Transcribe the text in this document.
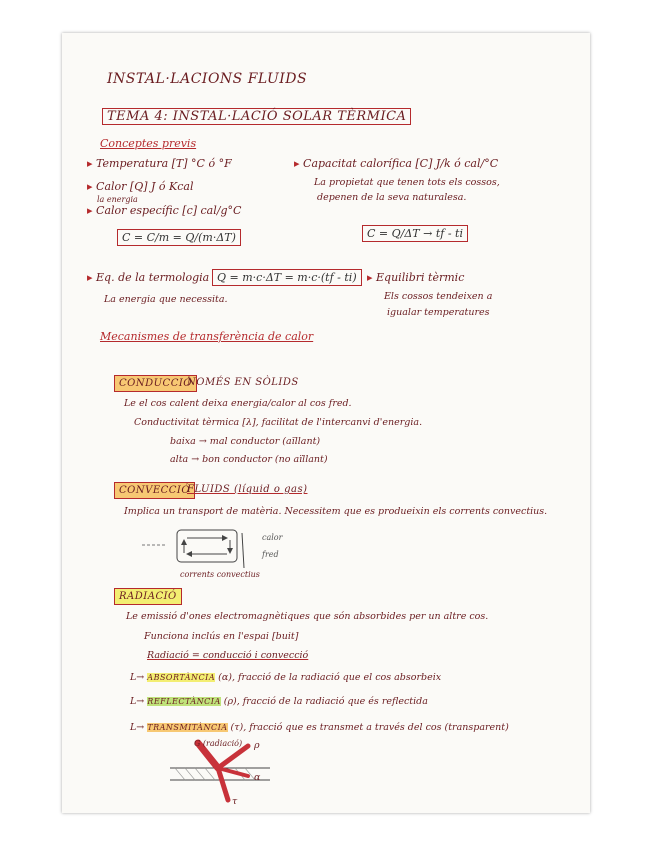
INSTAL·LACIONS FLUIDS
TEMA 4: INSTAL·LACIÓ SOLAR TÈRMICA
Conceptes previs
▸ Temperatura [T] °C ó °F
▸ Calor [Q] J ó Kcal
la energia
▸ Calor específic [c] cal/g°C
C = C/m = Q/(m·ΔT)
▸ Capacitat calorífica [C] J/k ó cal/°C
La propietat que tenen tots els cossos,
depenen de la seva naturalesa.
C = Q/ΔT → tf - ti
▸ Eq. de la termologia Q = m·c·ΔT = m·c·(tf - ti)
La energia que necessita.
▸ Equilibri tèrmic
Els cossos tendeixen a
igualar temperatures
Mecanismes de transferència de calor
CONDUCCIÓ
NOMÉS EN SÒLIDS
Le el cos calent deixa energia/calor al cos fred.
Conductivitat tèrmica [λ], facilitat de l'intercanvi d'energia.
baixa → mal conductor (aïllant)
alta → bon conductor (no aïllant)
CONVECCIÓ
FLUIDS (líquid o gas)
Implica un transport de matèria. Necessitem que es produeixin els corrents convectius.
calor
fred
corrents convectius
RADIACIÓ
Le emissió d'ones electromagnètiques que són absorbides per un altre cos.
Funciona inclús en l'espai [buit]
Radiació = conducció i convecció
L→ ABSORTÀNCIA (α), fracció de la radiació que el cos absorbeix
L→ REFLECTÀNCIA (ρ), fracció de la radiació que és reflectida
L→ TRANSMITÀNCIA (τ), fracció que es transmet a través del cos (transparent)
G (radiació) ρ
α
τ
